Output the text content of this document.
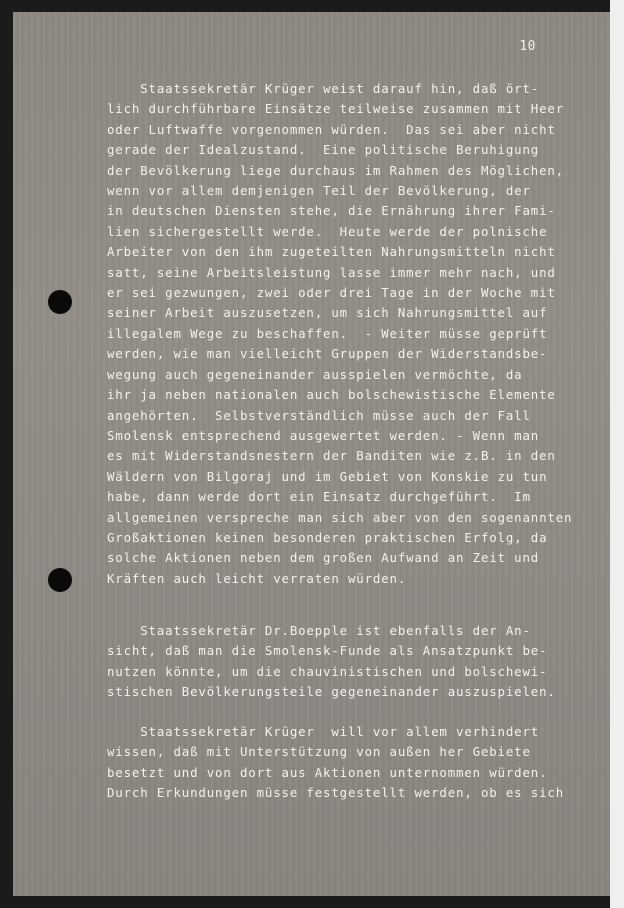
10

Staatssekretär Krüger weist darauf hin, daß ört-
lich durchführbare Einsätze teilweise zusammen mit Heer
oder Luftwaffe vorgenommen würden.  Das sei aber nicht
gerade der Idealzustand.  Eine politische Beruhigung
der Bevölkerung liege durchaus im Rahmen des Möglichen,
wenn vor allem demjenigen Teil der Bevölkerung, der
in deutschen Diensten stehe, die Ernährung ihrer Fami-
lien sichergestellt werde.  Heute werde der polnische
Arbeiter von den ihm zugeteilten Nahrungsmitteln nicht
satt, seine Arbeitsleistung lasse immer mehr nach, und
er sei gezwungen, zwei oder drei Tage in der Woche mit
seiner Arbeit auszusetzen, um sich Nahrungsmittel auf
illegalem Wege zu beschaffen.  - Weiter müsse geprüft
werden, wie man vielleicht Gruppen der Widerstandsbe-
wegung auch gegeneinander ausspielen vermöchte, da
ihr ja neben nationalen auch bolschewistische Elemente
angehörten.  Selbstverständlich müsse auch der Fall
Smolensk entsprechend ausgewertet werden. - Wenn man
es mit Widerstandsnestern der Banditen wie z.B. in den
Wäldern von Bilgoraj und im Gebiet von Konskie zu tun
habe, dann werde dort ein Einsatz durchgeführt.  Im
allgemeinen verspreche man sich aber von den sogenannten
Großaktionen keinen besonderen praktischen Erfolg, da
solche Aktionen neben dem großen Aufwand an Zeit und
Kräften auch leicht verraten würden.

Staatssekretär Dr.Boepple ist ebenfalls der An-
sicht, daß man die Smolensk-Funde als Ansatzpunkt be-
nutzen könnte, um die chauvinistischen und bolschewi-
stischen Bevölkerungsteile gegeneinander auszuspielen.

Staatssekretär Krüger  will vor allem verhindert
wissen, daß mit Unterstützung von außen her Gebiete
besetzt und von dort aus Aktionen unternommen würden.
Durch Erkundungen müsse festgestellt werden, ob es sich
